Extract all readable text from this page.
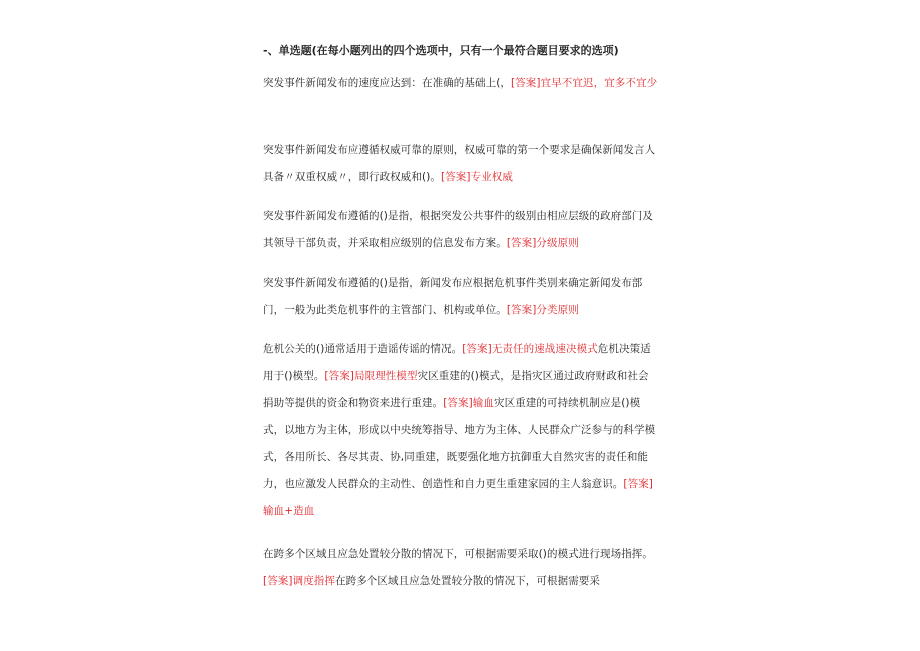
-、单选题(在每小题列出的四个选项中，只有一个最符合题目要求的选项)
突发事件新闻发布的速度应达到：在准确的基础上(，[答案]宜早不宜迟，宜多不宜少
突发事件新闻发布应遵循权威可靠的原则，权威可靠的第一个要求是确保新闻发言人具备〃双重权威〃，即行政权威和()。[答案]专业权威
突发事件新闻发布遵循的()是指，根据突发公共事件的级别由相应层级的政府部门及其领导干部负责，并采取相应级别的信息发布方案。[答案]分级原则
突发事件新闻发布遵循的()是指，新闻发布应根据危机事件类别来确定新闻发布部门，一般为此类危机事件的主管部门、机构或单位。[答案]分类原则
危机公关的()通常适用于造谣传谣的情况。[答案]无责任的速战速决模式危机决策适用于()模型。[答案]局限理性模型灾区重建的()模式，是指灾区通过政府财政和社会捐助等提供的资金和物资来进行重建。[答案]输血灾区重建的可持续机制应是()模式，以地方为主体，形成以中央统筹指导、地方为主体、人民群众广泛参与的科学模式，各用所长、各尽其责、协,同重建，既要强化地方抗御重大自然灾害的责任和能力，也应激发人民群众的主动性、创造性和自力更生重建家园的主人翁意识。[答案]输血+造血
在跨多个区域且应急处置较分散的情况下，可根据需要采取()的模式进行现场指挥。[答案]调度指挥在跨多个区域且应急处置较分散的情况下，可根据需要采
